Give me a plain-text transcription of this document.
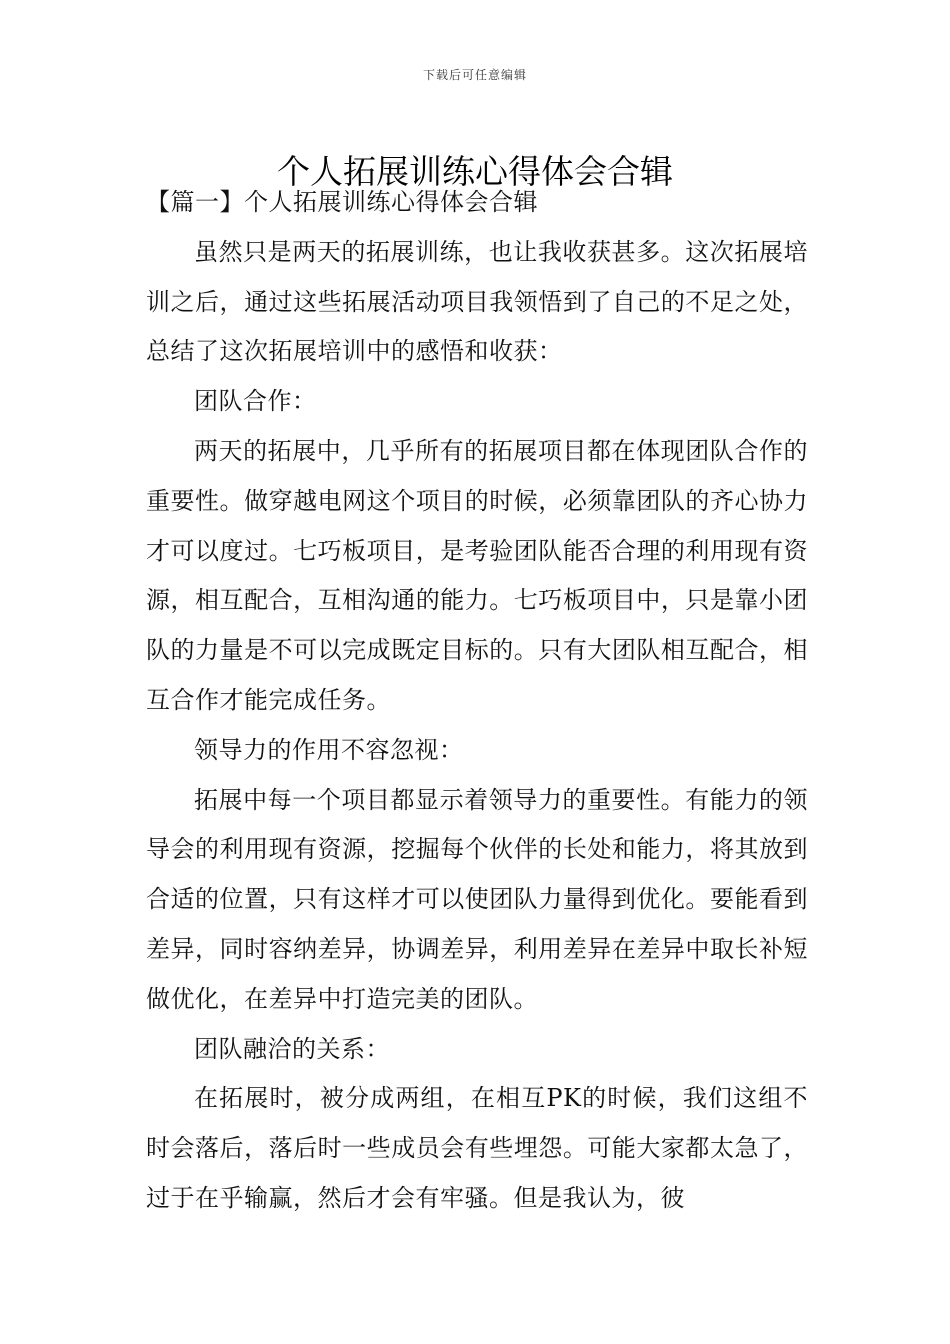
下载后可任意编辑
个人拓展训练心得体会合辑

【篇一】个人拓展训练心得体会合辑

虽然只是两天的拓展训练，也让我收获甚多。这次拓展培训之后，通过这些拓展活动项目我领悟到了自己的不足之处，总结了这次拓展培训中的感悟和收获：

团队合作：

两天的拓展中，几乎所有的拓展项目都在体现团队合作的重要性。做穿越电网这个项目的时候，必须靠团队的齐心协力才可以度过。七巧板项目，是考验团队能否合理的利用现有资源，相互配合，互相沟通的能力。七巧板项目中，只是靠小团队的力量是不可以完成既定目标的。只有大团队相互配合，相互合作才能完成任务。

领导力的作用不容忽视：

拓展中每一个项目都显示着领导力的重要性。有能力的领导会的利用现有资源，挖掘每个伙伴的长处和能力，将其放到合适的位置，只有这样才可以使团队力量得到优化。要能看到差异，同时容纳差异，协调差异，利用差异在差异中取长补短做优化，在差异中打造完美的团队。

团队融洽的关系：

在拓展时，被分成两组，在相互PK的时候，我们这组不时会落后，落后时一些成员会有些埋怨。可能大家都太急了，过于在乎输赢，然后才会有牢骚。但是我认为，彼
